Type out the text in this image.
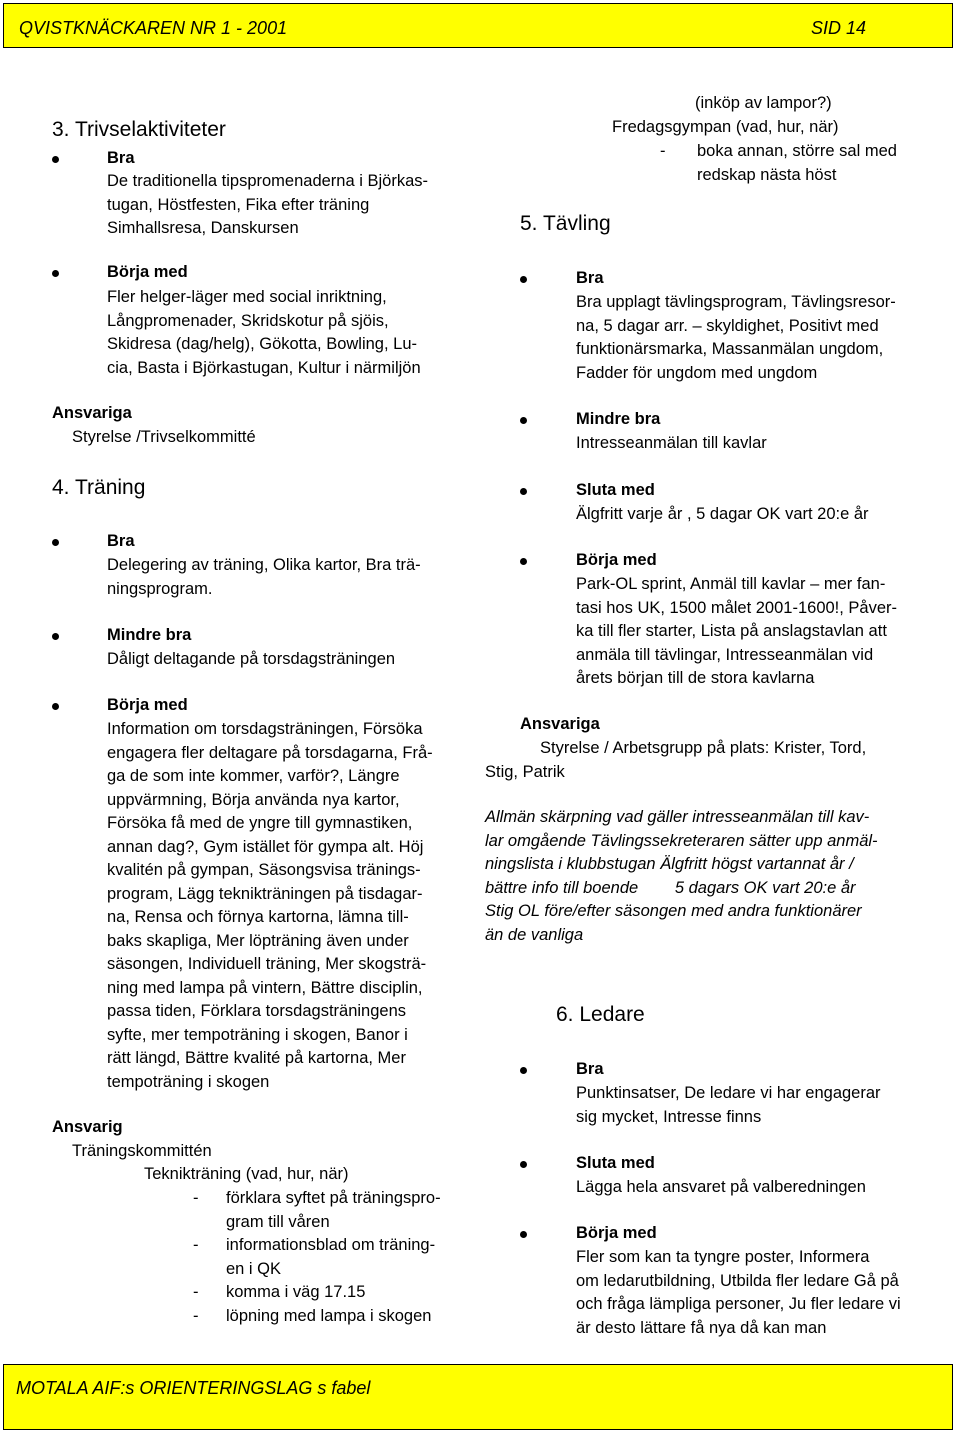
QVISTKNÄCKAREN NR 1 - 2001	SID 14
3. Trivselaktiviteter
Bra
De traditionella tipspromenaderna i Björkas-
tugan, Höstfesten, Fika efter träning
Simhallsresa, Danskursen
Börja med
Fler helger-läger med social inriktning,
Långpromenader, Skridskotur på sjöis,
Skidresa (dag/helg), Gökotta, Bowling, Lu-
cia, Basta i Björkastugan, Kultur i närmiljön
Ansvariga
Styrelse /Trivselkommitté
4. Träning
Bra
Delegering av träning, Olika kartor, Bra trä-
ningsprogram.
Mindre bra
Dåligt deltagande på torsdagsträningen
Börja med
Information om torsdagsträningen, Försöka
engagera fler deltagare på torsdagarna, Frå-
ga de som inte kommer, varför?, Längre
uppvärmning, Börja använda nya kartor,
Försöka få med de yngre till gymnastiken,
annan dag?, Gym istället för gympa alt. Höj
kvalitén på gympan, Säsongsvisa tränings-
program, Lägg teknikträningen på tisdagar-
na, Rensa och förnya kartorna, lämna till-
baks skapliga, Mer löpträning även under
säsongen, Individuell träning, Mer skogsträ-
ning med lampa på vintern, Bättre disciplin,
passa tiden, Förklara torsdagsträningens
syfte, mer tempoträning i skogen, Banor i
rätt längd, Bättre kvalité på kartorna, Mer
tempoträning i skogen
Ansvarig
Träningskommittén
Teknikträning (vad, hur, när)
- förklara syftet på träningspro-
gram till våren
- informationsblad om träning-
en i QK
- komma i väg 17.15
- löpning med lampa i skogen
(inköp av lampor?)
Fredagsgympan (vad, hur, när)
- boka annan, större sal med
redskap nästa höst
5. Tävling
Bra
Bra upplagt tävlingsprogram, Tävlingsresor-
na, 5 dagar arr. – skyldighet, Positivt med
funktionärsmarka, Massanmälan ungdom,
Fadder för ungdom med ungdom
Mindre bra
Intresseanmälan till kavlar
Sluta med
Älgfritt varje år , 5 dagar OK vart 20:e år
Börja med
Park-OL sprint, Anmäl till kavlar – mer fan-
tasi hos UK, 1500 målet 2001-1600!, Påver-
ka till fler starter, Lista på anslagstavlan att
anmäla till tävlingar, Intresseanmälan vid
årets början till de stora kavlarna
Ansvariga
Styrelse / Arbetsgrupp på plats: Krister, Tord,
Stig, Patrik
Allmän skärpning vad gäller intresseanmälan till kav-
lar omgående Tävlingssekreteraren sätter upp anmäl-
ningslista i klubbstugan Älgfritt högst vartannat år /
bättre info till boende        5 dagars OK vart 20:e år
Stig OL före/efter säsongen med andra funktionärer
än de vanliga
6. Ledare
Bra
Punktinsatser, De ledare vi har engagerar
sig mycket, Intresse finns
Sluta med
Lägga hela ansvaret på valberedningen
Börja med
Fler som kan ta tyngre poster, Informera
om ledarutbildning, Utbilda fler ledare Gå på
och fråga lämpliga personer, Ju fler ledare vi
är desto lättare få nya då kan man
MOTALA AIF:s ORIENTERINGSLAG s fabel
